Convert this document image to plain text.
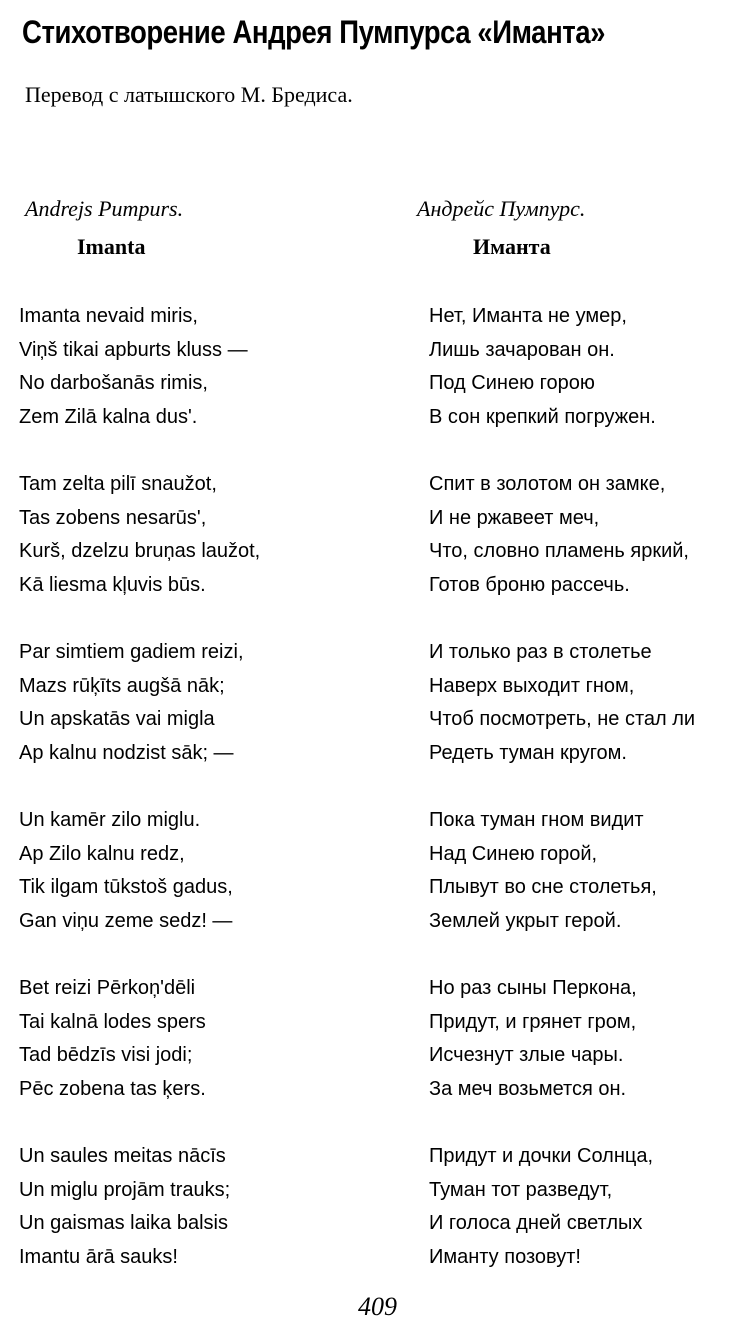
Стихотворение Андрея Пумпурса «Иманта»
Перевод с латышского М. Бредиса.
Andrejs Pumpurs.
Imanta
Imanta nevaid miris,
Viņš tikai apburts kluss —
No darbošanās rimis,
Zem Zilā kalna dus'.
Tam zelta pilī snaužot,
Tas zobens nesarūs',
Kurš, dzelzu bruņas laužot,
Kā liesma kļuvis būs.
Par simtiem gadiem reizi,
Mazs rūķīts augšā nāk;
Un apskatās vai migla
Ap kalnu nodzist sāk; —
Un kamēr zilo miglu.
Ap Zilo kalnu redz,
Tik ilgam tūkstoš gadus,
Gan viņu zeme sedz! —
Bet reizi Pērkoņ'dēli
Tai kalnā lodes spers
Tad bēdzīs visi jodi;
Pēc zobena tas ķers.
Un saules meitas nācīs
Un miglu projām trauks;
Un gaismas laika balsis
Imantu ārā sauks!
Андрейс Пумпурс.
Иманта
Нет, Иманта не умер,
Лишь зачарован он.
Под Синею горою
В сон крепкий погружен.
Спит в золотом он замке,
И не ржавеет меч,
Что, словно пламень яркий,
Готов броню рассечь.
И только раз в столетье
Наверх выходит гном,
Чтоб посмотреть, не стал ли
Редеть туман кругом.
Пока туман гном видит
Над Синею горой,
Плывут во сне столетья,
Землей укрыт герой.
Но раз сыны Перкона,
Придут, и грянет гром,
Исчезнут злые чары.
За меч возьмется он.
Придут и дочки Солнца,
Туман тот разведут,
И голоса дней светлых
Иманту позовут!
409
